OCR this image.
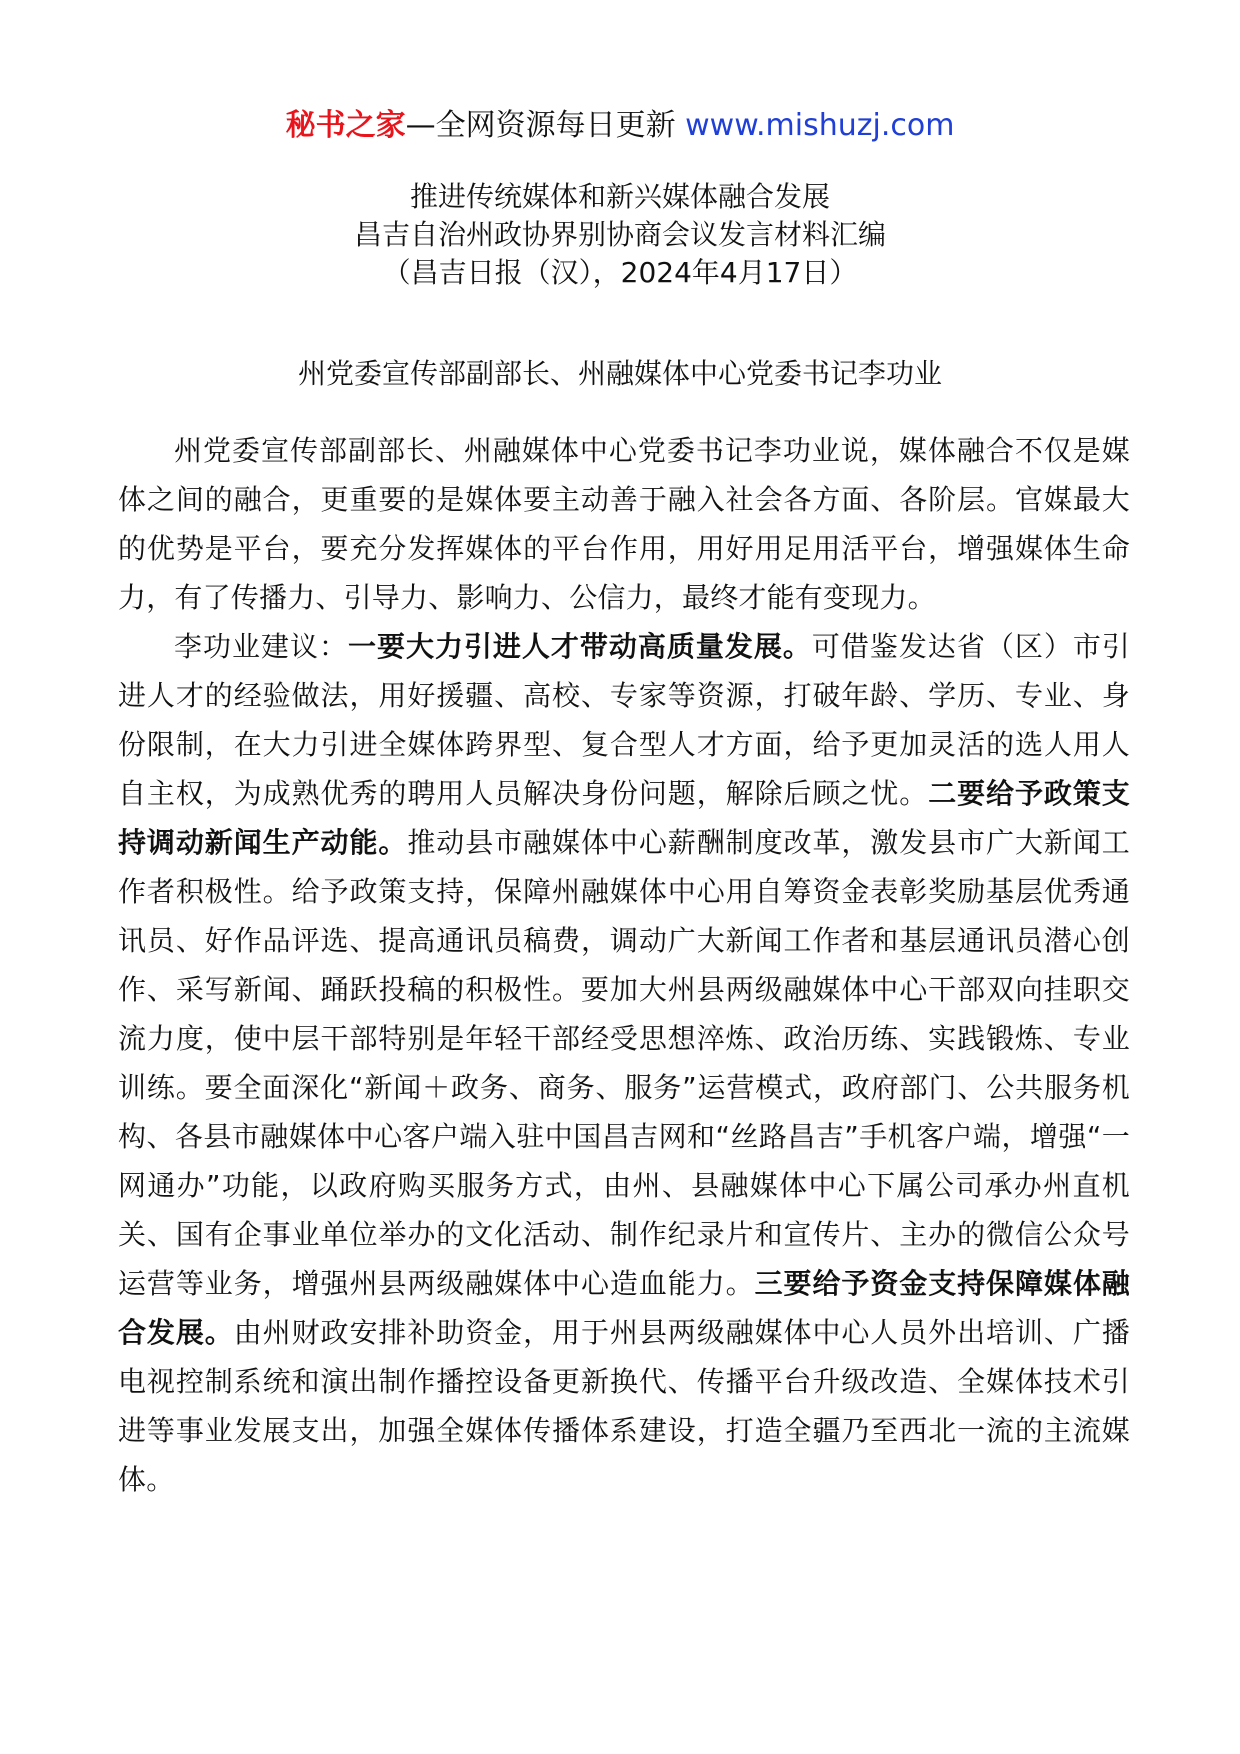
秘书之家—全网资源每日更新 www.mishuzj.com
推进传统媒体和新兴媒体融合发展
昌吉自治州政协界别协商会议发言材料汇编
（昌吉日报（汉），2024年4月17日）
州党委宣传部副部长、州融媒体中心党委书记李功业

州党委宣传部副部长、州融媒体中心党委书记李功业说，媒体融合不仅是媒体之间的融合，更重要的是媒体要主动善于融入社会各方面、各阶层。官媒最大的优势是平台，要充分发挥媒体的平台作用，用好用足用活平台，增强媒体生命力，有了传播力、引导力、影响力、公信力，最终才能有变现力。

李功业建议：一要大力引进人才带动高质量发展。可借鉴发达省（区）市引进人才的经验做法，用好援疆、高校、专家等资源，打破年龄、学历、专业、身份限制，在大力引进全媒体跨界型、复合型人才方面，给予更加灵活的选人用人自主权，为成熟优秀的聘用人员解决身份问题，解除后顾之忧。二要给予政策支持调动新闻生产动能。推动县市融媒体中心薪酬制度改革，激发县市广大新闻工作者积极性。给予政策支持，保障州融媒体中心用自筹资金表彰奖励基层优秀通讯员、好作品评选、提高通讯员稿费，调动广大新闻工作者和基层通讯员潜心创作、采写新闻、踊跃投稿的积极性。要加大州县两级融媒体中心干部双向挂职交流力度，使中层干部特别是年轻干部经受思想淬炼、政治历练、实践锻炼、专业训练。要全面深化“新闻＋政务、商务、服务”运营模式，政府部门、公共服务机构、各县市融媒体中心客户端入驻中国昌吉网和“丝路昌吉”手机客户端，增强“一网通办”功能，以政府购买服务方式，由州、县融媒体中心下属公司承办州直机关、国有企事业单位举办的文化活动、制作纪录片和宣传片、主办的微信公众号运营等业务，增强州县两级融媒体中心造血能力。三要给予资金支持保障媒体融合发展。由州财政安排补助资金，用于州县两级融媒体中心人员外出培训、广播电视控制系统和演出制作播控设备更新换代、传播平台升级改造、全媒体技术引进等事业发展支出，加强全媒体传播体系建设，打造全疆乃至西北一流的主流媒体。
